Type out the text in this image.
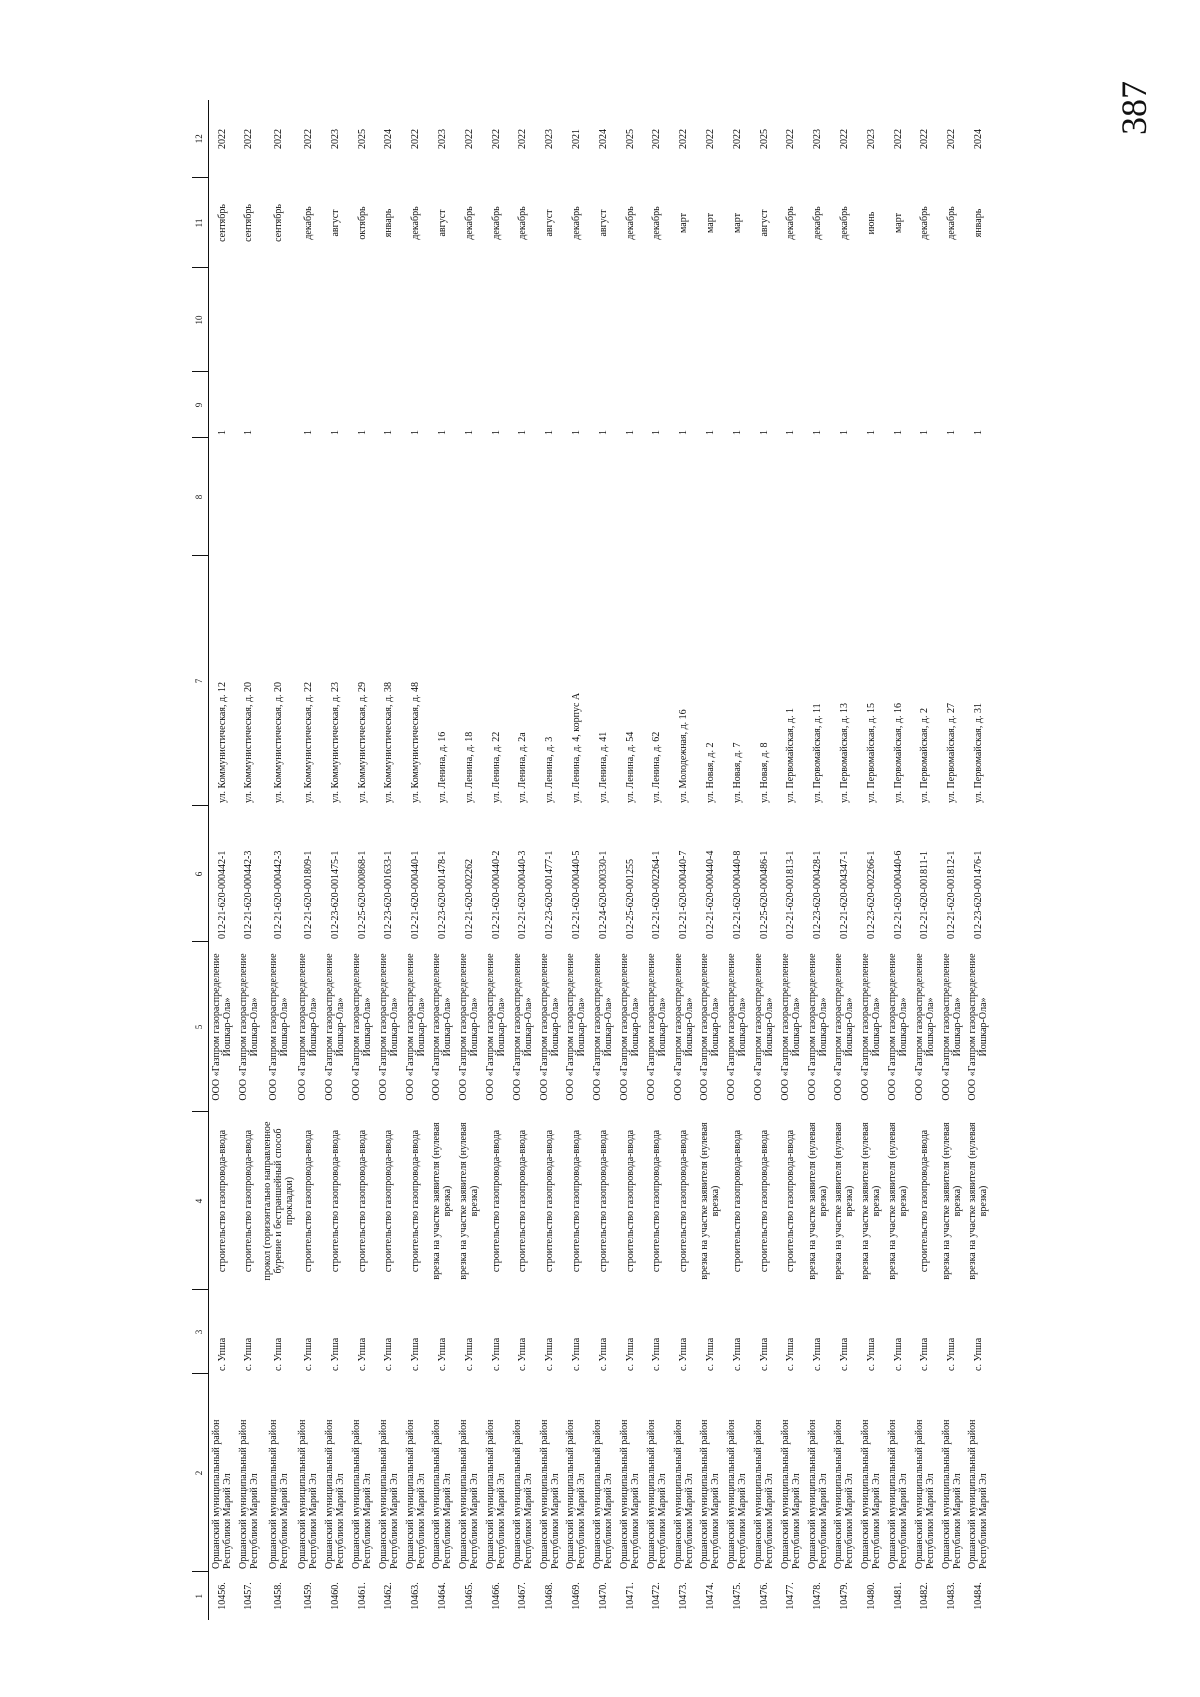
387
1	2	3	4	5	6	7	8	9	10	11	12
10456.	Оршанский муниципальный район Республики Марий Эл	с. Упша	строительство газопровода-ввода	ООО «Газпром газораспределение Йошкар-Ола»	012-21-620-000442-1	ул. Коммунистическая, д. 12		1		сентябрь	2022
10457.	Оршанский муниципальный район Республики Марий Эл	с. Упша	строительство газопровода-ввода	ООО «Газпром газораспределение Йошкар-Ола»	012-21-620-000442-3	ул. Коммунистическая, д. 20		1		сентябрь	2022
10458.	Оршанский муниципальный район Республики Марий Эл	с. Упша	прокол (горизонтально направленное бурение и бестраншейный способ прокладки)	ООО «Газпром газораспределение Йошкар-Ола»	012-21-620-000442-3	ул. Коммунистическая, д. 20				сентябрь	2022
10459.	Оршанский муниципальный район Республики Марий Эл	с. Упша	строительство газопровода-ввода	ООО «Газпром газораспределение Йошкар-Ола»	012-21-620-001809-1	ул. Коммунистическая, д. 22		1		декабрь	2022
10460.	Оршанский муниципальный район Республики Марий Эл	с. Упша	строительство газопровода-ввода	ООО «Газпром газораспределение Йошкар-Ола»	012-23-620-001475-1	ул. Коммунистическая, д. 23		1		август	2023
10461.	Оршанский муниципальный район Республики Марий Эл	с. Упша	строительство газопровода-ввода	ООО «Газпром газораспределение Йошкар-Ола»	012-25-620-000868-1	ул. Коммунистическая, д. 29		1		октябрь	2025
10462.	Оршанский муниципальный район Республики Марий Эл	с. Упша	строительство газопровода-ввода	ООО «Газпром газораспределение Йошкар-Ола»	012-23-620-001633-1	ул. Коммунистическая, д. 38		1		январь	2024
10463.	Оршанский муниципальный район Республики Марий Эл	с. Упша	строительство газопровода-ввода	ООО «Газпром газораспределение Йошкар-Ола»	012-21-620-000440-1	ул. Коммунистическая, д. 48		1		декабрь	2022
10464.	Оршанский муниципальный район Республики Марий Эл	с. Упша	врезка на участке заявителя (нулевая врезка)	ООО «Газпром газораспределение Йошкар-Ола»	012-23-620-001478-1	ул. Ленина, д. 16		1		август	2023
10465.	Оршанский муниципальный район Республики Марий Эл	с. Упша	врезка на участке заявителя (нулевая врезка)	ООО «Газпром газораспределение Йошкар-Ола»	012-21-620-002262	ул. Ленина, д. 18		1		декабрь	2022
10466.	Оршанский муниципальный район Республики Марий Эл	с. Упша	строительство газопровода-ввода	ООО «Газпром газораспределение Йошкар-Ола»	012-21-620-000440-2	ул. Ленина, д. 22		1		декабрь	2022
10467.	Оршанский муниципальный район Республики Марий Эл	с. Упша	строительство газопровода-ввода	ООО «Газпром газораспределение Йошкар-Ола»	012-21-620-000440-3	ул. Ленина, д. 2а		1		декабрь	2022
10468.	Оршанский муниципальный район Республики Марий Эл	с. Упша	строительство газопровода-ввода	ООО «Газпром газораспределение Йошкар-Ола»	012-23-620-001477-1	ул. Ленина, д. 3		1		август	2023
10469.	Оршанский муниципальный район Республики Марий Эл	с. Упша	строительство газопровода-ввода	ООО «Газпром газораспределение Йошкар-Ола»	012-21-620-000440-5	ул. Ленина, д. 4, корпус А		1		декабрь	2021
10470.	Оршанский муниципальный район Республики Марий Эл	с. Упша	строительство газопровода-ввода	ООО «Газпром газораспределение Йошкар-Ола»	012-24-620-000330-1	ул. Ленина, д. 41		1		август	2024
10471.	Оршанский муниципальный район Республики Марий Эл	с. Упша	строительство газопровода-ввода	ООО «Газпром газораспределение Йошкар-Ола»	012-25-620-001255	ул. Ленина, д. 54		1		декабрь	2025
10472.	Оршанский муниципальный район Республики Марий Эл	с. Упша	строительство газопровода-ввода	ООО «Газпром газораспределение Йошкар-Ола»	012-21-620-002264-1	ул. Ленина, д. 62		1		декабрь	2022
10473.	Оршанский муниципальный район Республики Марий Эл	с. Упша	строительство газопровода-ввода	ООО «Газпром газораспределение Йошкар-Ола»	012-21-620-000440-7	ул. Молодежная, д. 16		1		март	2022
10474.	Оршанский муниципальный район Республики Марий Эл	с. Упша	врезка на участке заявителя (нулевая врезка)	ООО «Газпром газораспределение Йошкар-Ола»	012-21-620-000440-4	ул. Новая, д. 2		1		март	2022
10475.	Оршанский муниципальный район Республики Марий Эл	с. Упша	строительство газопровода-ввода	ООО «Газпром газораспределение Йошкар-Ола»	012-21-620-000440-8	ул. Новая, д. 7		1		март	2022
10476.	Оршанский муниципальный район Республики Марий Эл	с. Упша	строительство газопровода-ввода	ООО «Газпром газораспределение Йошкар-Ола»	012-25-620-000486-1	ул. Новая, д. 8		1		август	2025
10477.	Оршанский муниципальный район Республики Марий Эл	с. Упша	строительство газопровода-ввода	ООО «Газпром газораспределение Йошкар-Ола»	012-21-620-001813-1	ул. Первомайская, д. 1		1		декабрь	2022
10478.	Оршанский муниципальный район Республики Марий Эл	с. Упша	врезка на участке заявителя (нулевая врезка)	ООО «Газпром газораспределение Йошкар-Ола»	012-23-620-000428-1	ул. Первомайская, д. 11		1		декабрь	2023
10479.	Оршанский муниципальный район Республики Марий Эл	с. Упша	врезка на участке заявителя (нулевая врезка)	ООО «Газпром газораспределение Йошкар-Ола»	012-21-620-004347-1	ул. Первомайская, д. 13		1		декабрь	2022
10480.	Оршанский муниципальный район Республики Марий Эл	с. Упша	врезка на участке заявителя (нулевая врезка)	ООО «Газпром газораспределение Йошкар-Ола»	012-23-620-002266-1	ул. Первомайская, д. 15		1		июнь	2023
10481.	Оршанский муниципальный район Республики Марий Эл	с. Упша	врезка на участке заявителя (нулевая врезка)	ООО «Газпром газораспределение Йошкар-Ола»	012-21-620-000440-6	ул. Первомайская, д. 16		1		март	2022
10482.	Оршанский муниципальный район Республики Марий Эл	с. Упша	строительство газопровода-ввода	ООО «Газпром газораспределение Йошкар-Ола»	012-21-620-001811-1	ул. Первомайская, д. 2		1		декабрь	2022
10483.	Оршанский муниципальный район Республики Марий Эл	с. Упша	врезка на участке заявителя (нулевая врезка)	ООО «Газпром газораспределение Йошкар-Ола»	012-21-620-001812-1	ул. Первомайская, д. 27		1		декабрь	2022
10484.	Оршанский муниципальный район Республики Марий Эл	с. Упша	врезка на участке заявителя (нулевая врезка)	ООО «Газпром газораспределение Йошкар-Ола»	012-23-620-001476-1	ул. Первомайская, д. 31		1		январь	2024
